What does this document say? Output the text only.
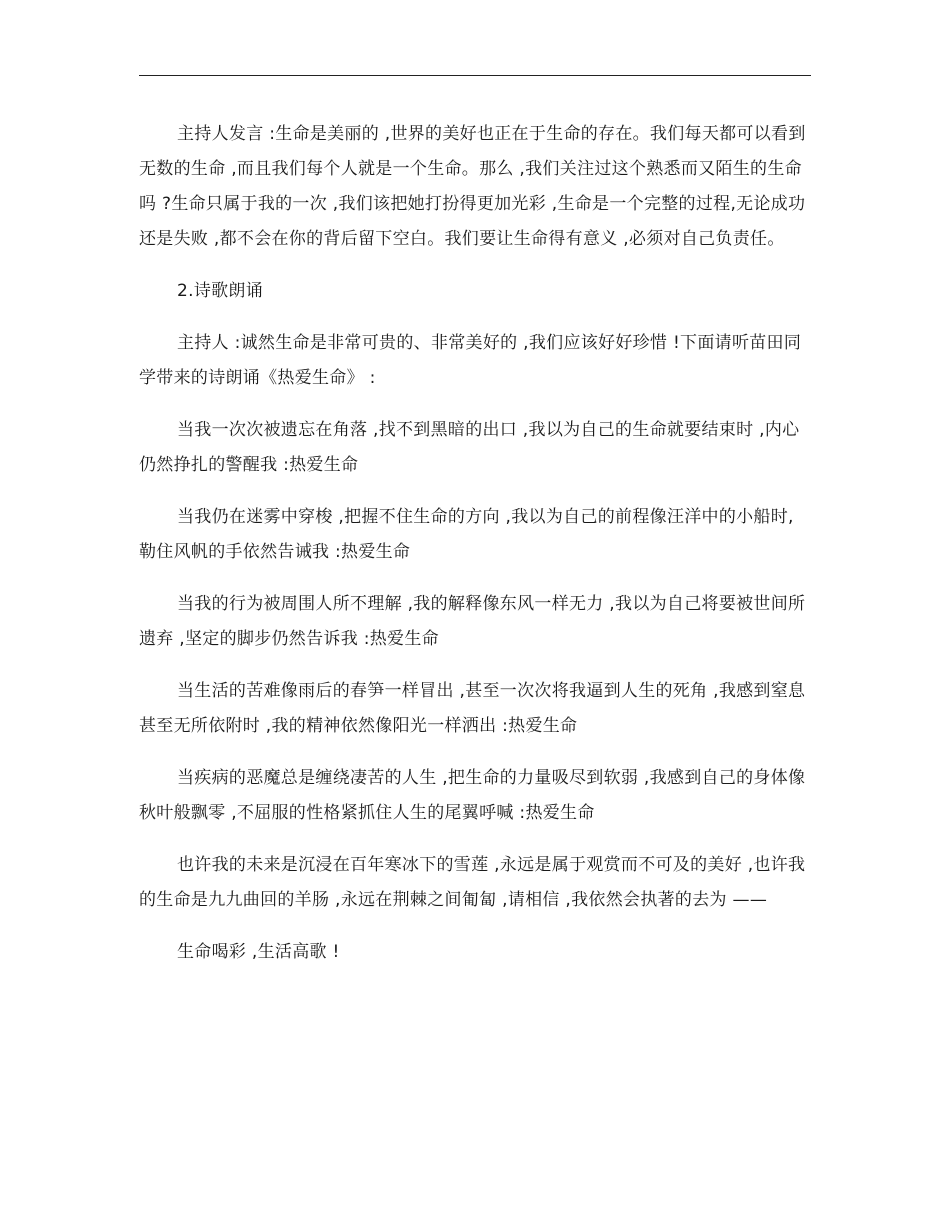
主持人发言 :生命是美丽的 ,世界的美好也正在于生命的存在。我们每天都可以看到无数的生命 ,而且我们每个人就是一个生命。那么 ,我们关注过这个熟悉而又陌生的生命吗 ?生命只属于我的一次 ,我们该把她打扮得更加光彩 ,生命是一个完整的过程,无论成功还是失败 ,都不会在你的背后留下空白。我们要让生命得有意义 ,必须对自己负责任。

2.诗歌朗诵

主持人 :诚然生命是非常可贵的、非常美好的 ,我们应该好好珍惜 !下面请听苗田同学带来的诗朗诵《热爱生命》 :

当我一次次被遗忘在角落 ,找不到黑暗的出口 ,我以为自己的生命就要结束时 ,内心仍然挣扎的警醒我 :热爱生命

当我仍在迷雾中穿梭 ,把握不住生命的方向 ,我以为自己的前程像汪洋中的小船时,勒住风帆的手依然告诫我 :热爱生命

当我的行为被周围人所不理解 ,我的解释像东风一样无力 ,我以为自己将要被世间所遗弃 ,坚定的脚步仍然告诉我 :热爱生命

当生活的苦难像雨后的春笋一样冒出 ,甚至一次次将我逼到人生的死角 ,我感到窒息甚至无所依附时 ,我的精神依然像阳光一样洒出 :热爱生命

当疾病的恶魔总是缠绕凄苦的人生 ,把生命的力量吸尽到软弱 ,我感到自己的身体像秋叶般飘零 ,不屈服的性格紧抓住人生的尾翼呼喊 :热爱生命

也许我的未来是沉浸在百年寒冰下的雪莲 ,永远是属于观赏而不可及的美好 ,也许我的生命是九九曲回的羊肠 ,永远在荆棘之间匍匐 ,请相信 ,我依然会执著的去为 ——

生命喝彩 ,生活高歌 !
